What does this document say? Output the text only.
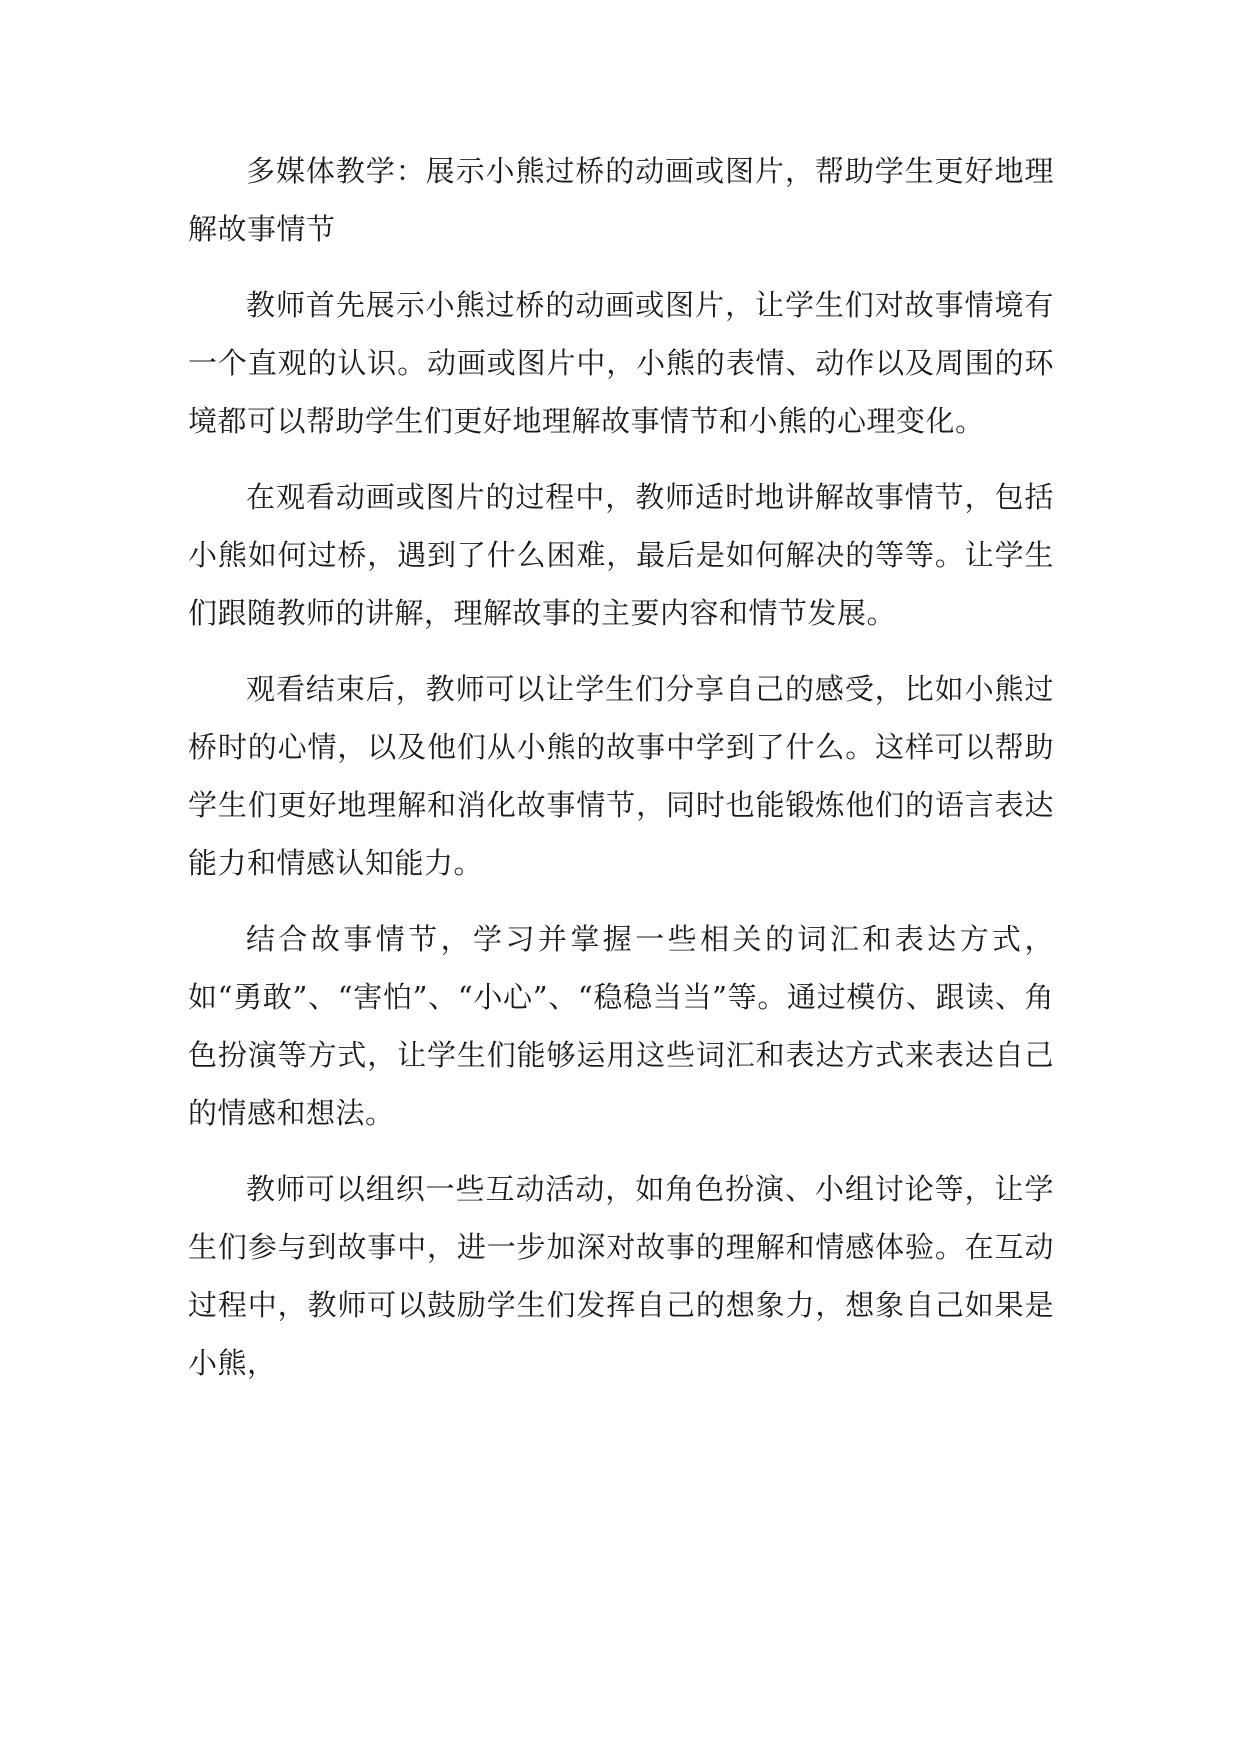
多媒体教学：展示小熊过桥的动画或图片，帮助学生更好地理解故事情节

教师首先展示小熊过桥的动画或图片，让学生们对故事情境有一个直观的认识。动画或图片中，小熊的表情、动作以及周围的环境都可以帮助学生们更好地理解故事情节和小熊的心理变化。

在观看动画或图片的过程中，教师适时地讲解故事情节，包括小熊如何过桥，遇到了什么困难，最后是如何解决的等等。让学生们跟随教师的讲解，理解故事的主要内容和情节发展。

观看结束后，教师可以让学生们分享自己的感受，比如小熊过桥时的心情，以及他们从小熊的故事中学到了什么。这样可以帮助学生们更好地理解和消化故事情节，同时也能锻炼他们的语言表达能力和情感认知能力。

结合故事情节，学习并掌握一些相关的词汇和表达方式，如“勇敢”、“害怕”、“小心”、“稳稳当当”等。通过模仿、跟读、角色扮演等方式，让学生们能够运用这些词汇和表达方式来表达自己的情感和想法。

教师可以组织一些互动活动，如角色扮演、小组讨论等，让学生们参与到故事中，进一步加深对故事的理解和情感体验。在互动过程中，教师可以鼓励学生们发挥自己的想象力，想象自己如果是小熊，
